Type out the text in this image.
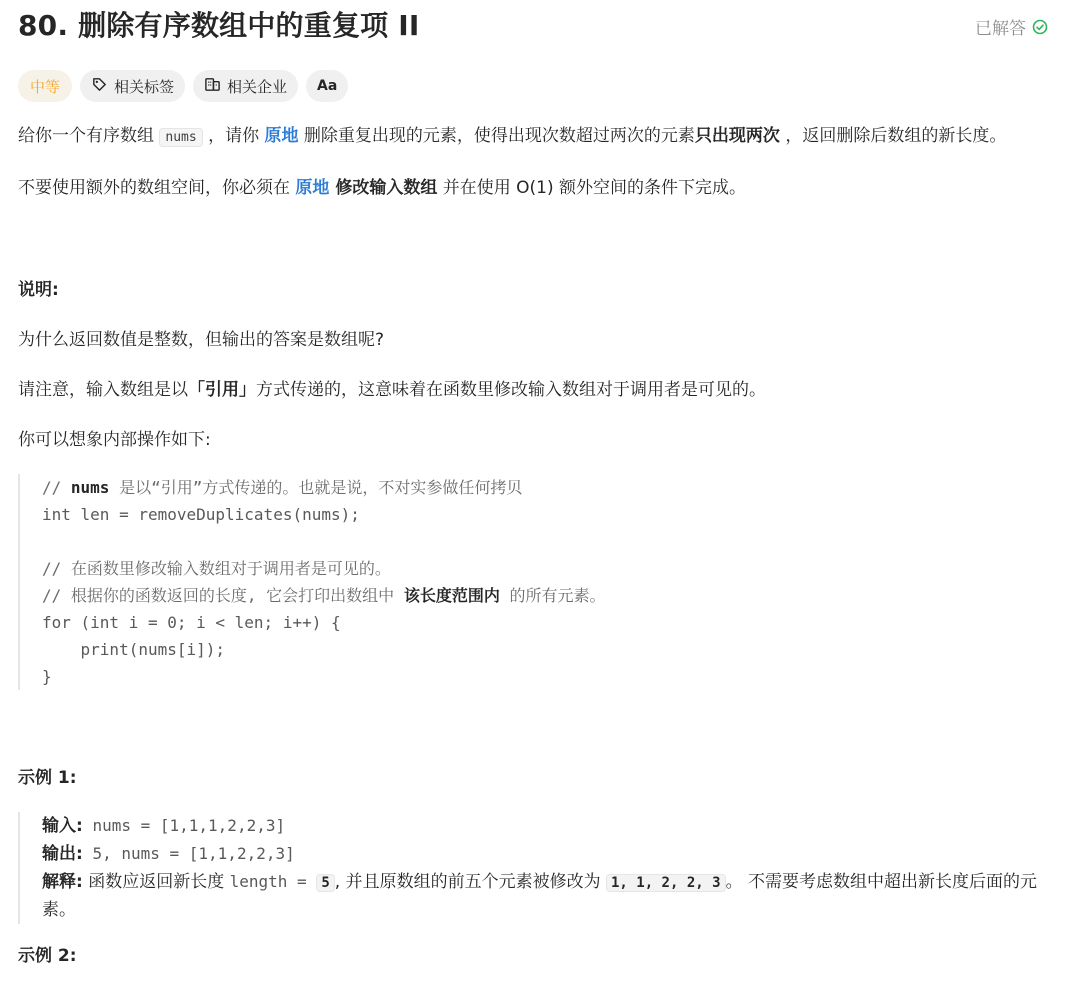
80. 删除有序数组中的重复项 II	已解答
中等	相关标签	相关企业 Aa

给你一个有序数组 nums ，请你 原地 删除重复出现的元素，使得出现次数超过两次的元素只出现两次 ，返回删除后数组的新长度。

不要使用额外的数组空间，你必须在 原地 修改输入数组 并在使用 O(1) 额外空间的条件下完成。

说明:

为什么返回数值是整数，但输出的答案是数组呢?

请注意，输入数组是以「引用」方式传递的，这意味着在函数里修改输入数组对于调用者是可见的。

你可以想象内部操作如下:

// nums 是以“引用”方式传递的。也就是说，不对实参做任何拷贝
int len = removeDuplicates(nums);

// 在函数里修改输入数组对于调用者是可见的。
// 根据你的函数返回的长度, 它会打印出数组中 该长度范围内 的所有元素。
for (int i = 0; i < len; i++) {
print(nums[i]);
}
示例 1:
输入: nums = [1,1,1,2,2,3]
输出: 5, nums = [1,1,2,2,3]
解释: 函数应返回新长度 length = 5 , 并且原数组的前五个元素被修改为 1, 1, 2, 2, 3 。 不需要考虑数组中超出新长度后面的元素。
示例 2:
